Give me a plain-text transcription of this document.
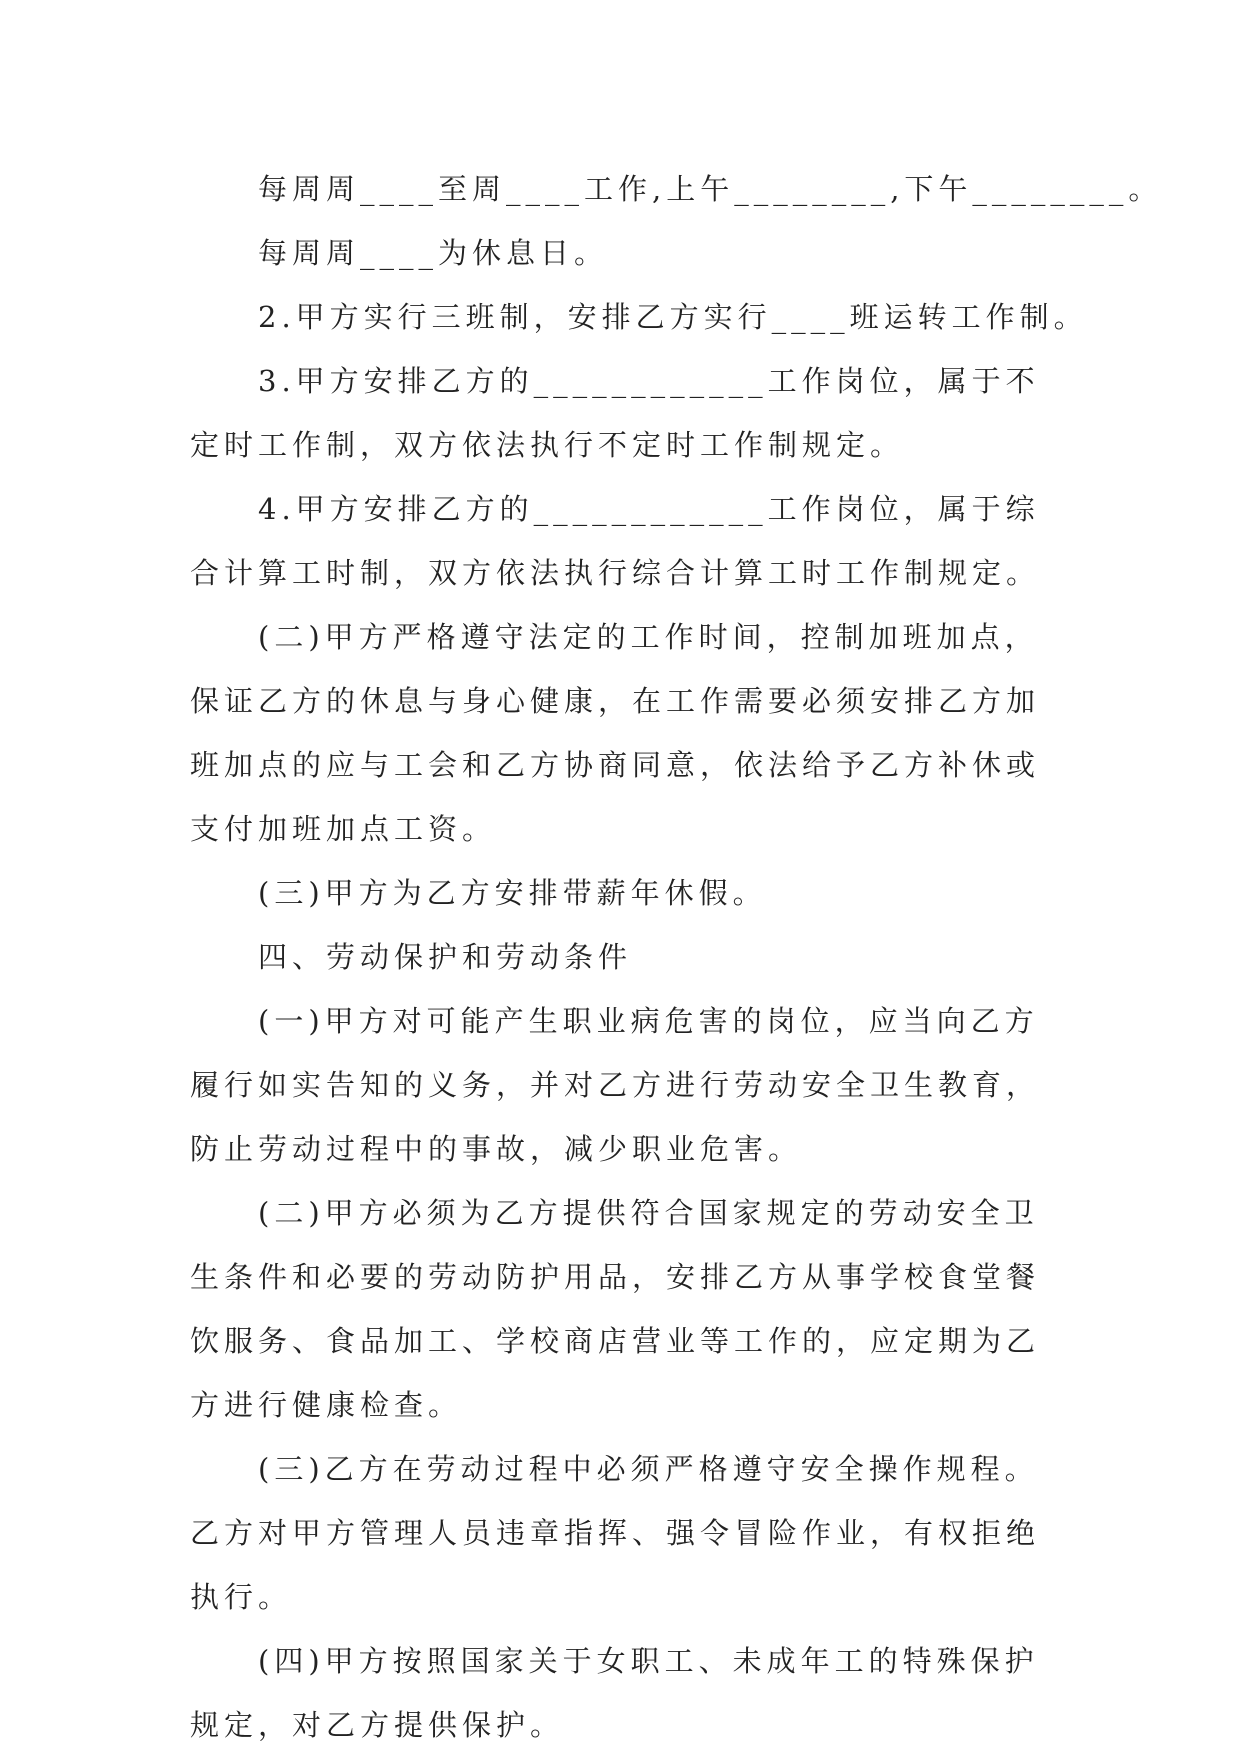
每周周____至周____工作,上午________,下午________。

每周周____为休息日。

2.甲方实行三班制，安排乙方实行____班运转工作制。

3.甲方安排乙方的____________工作岗位，属于不定时工作制，双方依法执行不定时工作制规定。

4.甲方安排乙方的____________工作岗位，属于综合计算工时制，双方依法执行综合计算工时工作制规定。

(二)甲方严格遵守法定的工作时间，控制加班加点，保证乙方的休息与身心健康，在工作需要必须安排乙方加班加点的应与工会和乙方协商同意，依法给予乙方补休或支付加班加点工资。

(三)甲方为乙方安排带薪年休假。

四、劳动保护和劳动条件

(一)甲方对可能产生职业病危害的岗位，应当向乙方履行如实告知的义务，并对乙方进行劳动安全卫生教育，防止劳动过程中的事故，减少职业危害。

(二)甲方必须为乙方提供符合国家规定的劳动安全卫生条件和必要的劳动防护用品，安排乙方从事学校食堂餐饮服务、食品加工、学校商店营业等工作的，应定期为乙方进行健康检查。

(三)乙方在劳动过程中必须严格遵守安全操作规程。乙方对甲方管理人员违章指挥、强令冒险作业，有权拒绝执行。

(四)甲方按照国家关于女职工、未成年工的特殊保护规定，对乙方提供保护。
